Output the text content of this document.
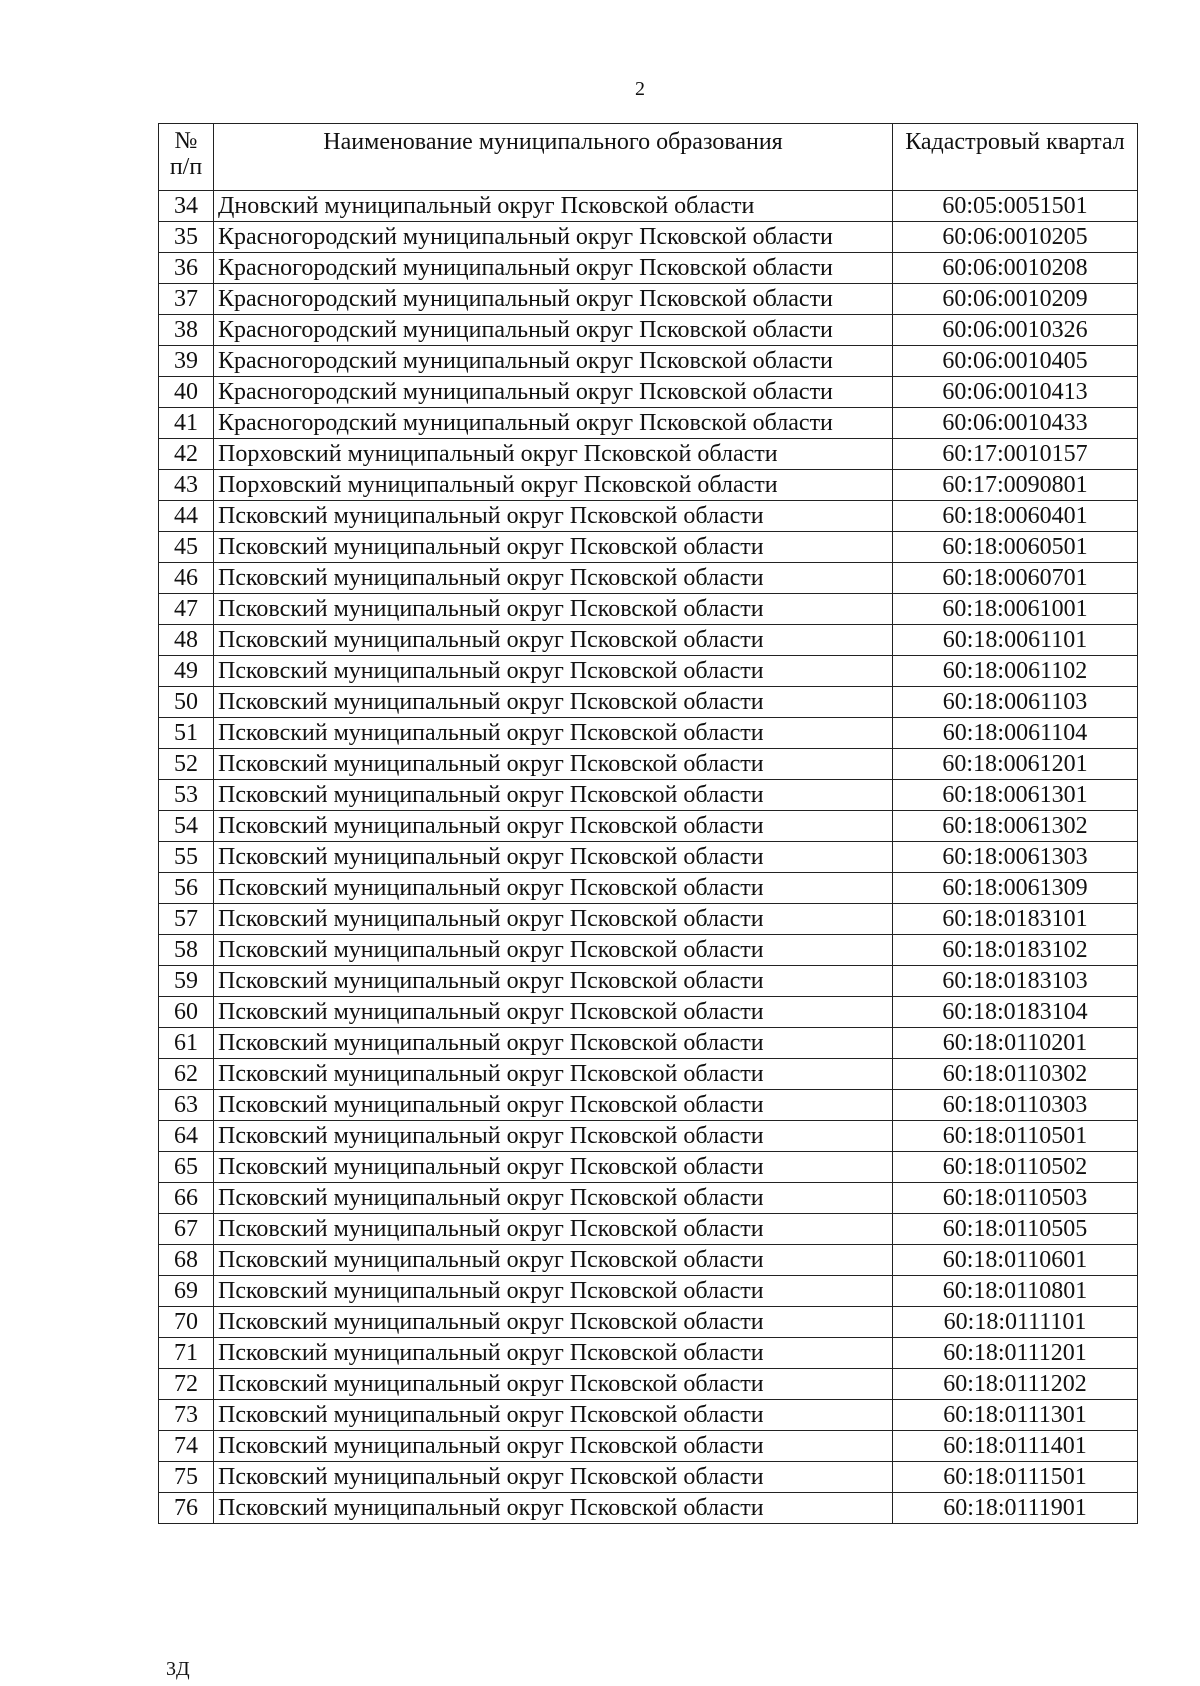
2
№ п/п	Наименование муниципального образования	Кадастровый квартал
34	Дновский муниципальный округ Псковской области	60:05:0051501
35	Красногородский муниципальный округ Псковской области	60:06:0010205
36	Красногородский муниципальный округ Псковской области	60:06:0010208
37	Красногородский муниципальный округ Псковской области	60:06:0010209
38	Красногородский муниципальный округ Псковской области	60:06:0010326
39	Красногородский муниципальный округ Псковской области	60:06:0010405
40	Красногородский муниципальный округ Псковской области	60:06:0010413
41	Красногородский муниципальный округ Псковской области	60:06:0010433
42	Порховский муниципальный округ Псковской области	60:17:0010157
43	Порховский муниципальный округ Псковской области	60:17:0090801
44	Псковский муниципальный округ Псковской области	60:18:0060401
45	Псковский муниципальный округ Псковской области	60:18:0060501
46	Псковский муниципальный округ Псковской области	60:18:0060701
47	Псковский муниципальный округ Псковской области	60:18:0061001
48	Псковский муниципальный округ Псковской области	60:18:0061101
49	Псковский муниципальный округ Псковской области	60:18:0061102
50	Псковский муниципальный округ Псковской области	60:18:0061103
51	Псковский муниципальный округ Псковской области	60:18:0061104
52	Псковский муниципальный округ Псковской области	60:18:0061201
53	Псковский муниципальный округ Псковской области	60:18:0061301
54	Псковский муниципальный округ Псковской области	60:18:0061302
55	Псковский муниципальный округ Псковской области	60:18:0061303
56	Псковский муниципальный округ Псковской области	60:18:0061309
57	Псковский муниципальный округ Псковской области	60:18:0183101
58	Псковский муниципальный округ Псковской области	60:18:0183102
59	Псковский муниципальный округ Псковской области	60:18:0183103
60	Псковский муниципальный округ Псковской области	60:18:0183104
61	Псковский муниципальный округ Псковской области	60:18:0110201
62	Псковский муниципальный округ Псковской области	60:18:0110302
63	Псковский муниципальный округ Псковской области	60:18:0110303
64	Псковский муниципальный округ Псковской области	60:18:0110501
65	Псковский муниципальный округ Псковской области	60:18:0110502
66	Псковский муниципальный округ Псковской области	60:18:0110503
67	Псковский муниципальный округ Псковской области	60:18:0110505
68	Псковский муниципальный округ Псковской области	60:18:0110601
69	Псковский муниципальный округ Псковской области	60:18:0110801
70	Псковский муниципальный округ Псковской области	60:18:0111101
71	Псковский муниципальный округ Псковской области	60:18:0111201
72	Псковский муниципальный округ Псковской области	60:18:0111202
73	Псковский муниципальный округ Псковской области	60:18:0111301
74	Псковский муниципальный округ Псковской области	60:18:0111401
75	Псковский муниципальный округ Псковской области	60:18:0111501
76	Псковский муниципальный округ Псковской области	60:18:0111901
3Д
